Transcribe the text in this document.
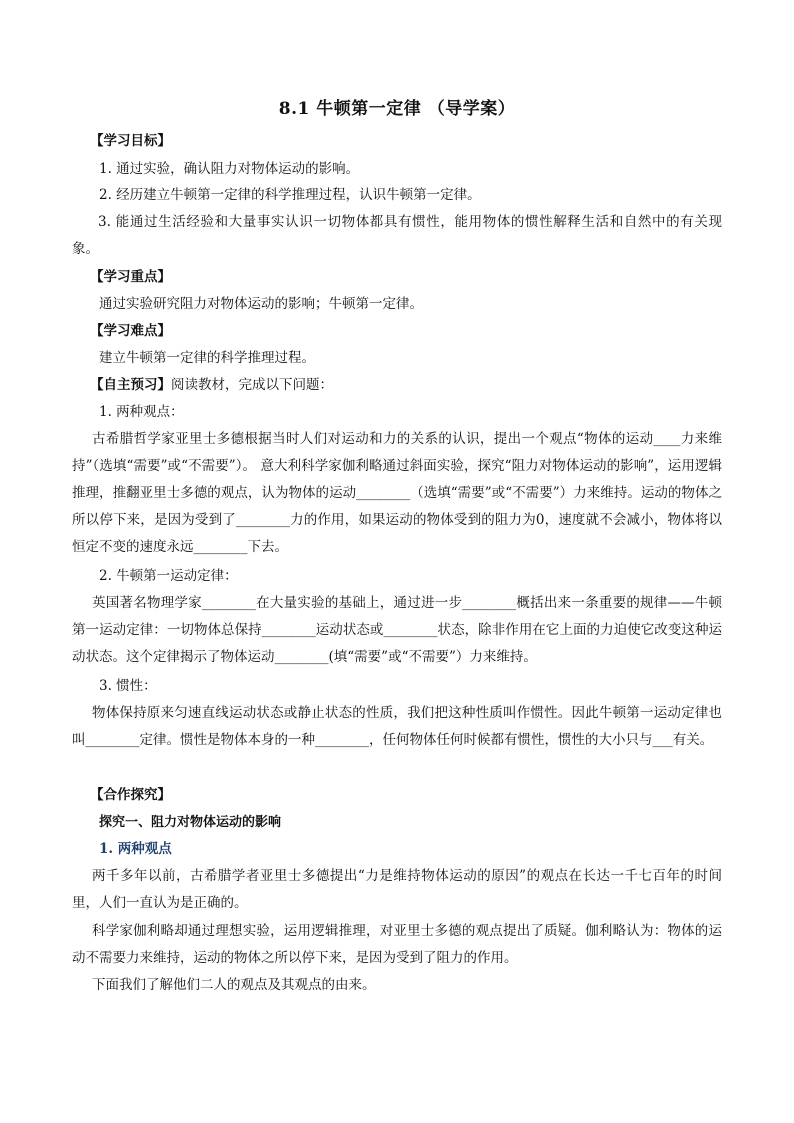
8.1 牛顿第一定律 （导学案）

【学习目标】

1. 通过实验，确认阻力对物体运动的影响。

2. 经历建立牛顿第一定律的科学推理过程，认识牛顿第一定律。

3. 能通过生活经验和大量事实认识一切物体都具有惯性，能用物体的惯性解释生活和自然中的有关现象。

【学习重点】

通过实验研究阻力对物体运动的影响；牛顿第一定律。

【学习难点】

建立牛顿第一定律的科学推理过程。

【自主预习】阅读教材，完成以下问题：

1. 两种观点：

古希腊哲学家亚里士多德根据当时人们对运动和力的关系的认识，提出一个观点“物体的运动____力来维持”（选填“需要”或“不需要”）。 意大利科学家伽利略通过斜面实验，探究“阻力对物体运动的影响”，运用逻辑推理，推翻亚里士多德的观点，认为物体的运动________（选填“需要”或“不需要”）力来维持。运动的物体之所以停下来，是因为受到了________力的作用，如果运动的物体受到的阻力为0，速度就不会减小，物体将以恒定不变的速度永远________下去。

2. 牛顿第一运动定律：

英国著名物理学家________在大量实验的基础上，通过进一步________概括出来一条重要的规律——牛顿第一运动定律：一切物体总保持________运动状态或________状态，除非作用在它上面的力迫使它改变这种运动状态。这个定律揭示了物体运动________(填“需要”或“不需要”）力来维持。

3. 惯性：

物体保持原来匀速直线运动状态或静止状态的性质，我们把这种性质叫作惯性。因此牛顿第一运动定律也叫________定律。惯性是物体本身的一种________，任何物体任何时候都有惯性，惯性的大小只与___有关。

【合作探究】

探究一、阻力对物体运动的影响

1. 两种观点

两千多年以前，古希腊学者亚里士多德提出“力是维持物体运动的原因”的观点在长达一千七百年的时间里，人们一直认为是正确的。

科学家伽利略却通过理想实验，运用逻辑推理，对亚里士多德的观点提出了质疑。伽利略认为：物体的运动不需要力来维持，运动的物体之所以停下来，是因为受到了阻力的作用。

下面我们了解他们二人的观点及其观点的由来。
